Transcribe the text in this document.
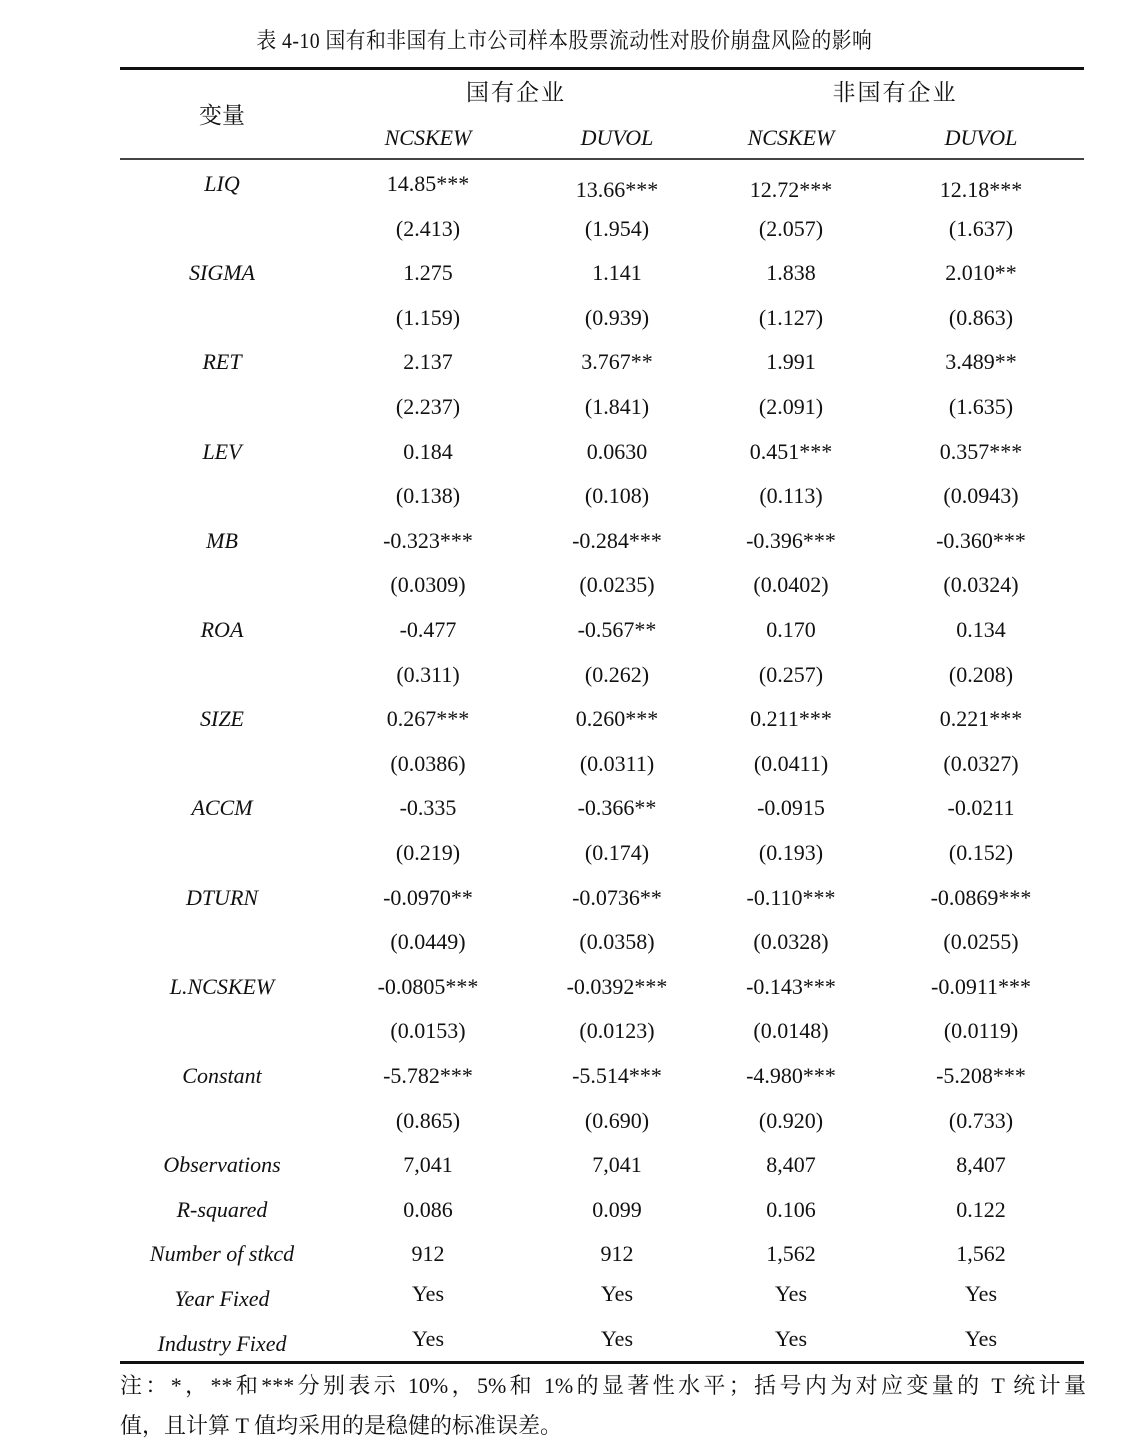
表 4-10 国有和非国有上市公司样本股票流动性对股价崩盘风险的影响
变量
国有企业	非国有企业
NCSKEW	DUVOL	NCSKEW	DUVOL
LIQ	14.85***	13.66***	12.72***	12.18***
(2.413)	(1.954)	(2.057)	(1.637)
SIGMA	1.275	1.141	1.838	2.010**
(1.159)	(0.939)	(1.127)	(0.863)
RET	2.137	3.767**	1.991	3.489**
(2.237)	(1.841)	(2.091)	(1.635)
LEV	0.184	0.0630	0.451***	0.357***
(0.138)	(0.108)	(0.113)	(0.0943)
MB	-0.323***	-0.284***	-0.396***	-0.360***
(0.0309)	(0.0235)	(0.0402)	(0.0324)
ROA	-0.477	-0.567**	0.170	0.134
(0.311)	(0.262)	(0.257)	(0.208)
SIZE	0.267***	0.260***	0.211***	0.221***
(0.0386)	(0.0311)	(0.0411)	(0.0327)
ACCM	-0.335	-0.366**	-0.0915	-0.0211
(0.219)	(0.174)	(0.193)	(0.152)
DTURN	-0.0970**	-0.0736**	-0.110***	-0.0869***
(0.0449)	(0.0358)	(0.0328)	(0.0255)
L.NCSKEW	-0.0805***	-0.0392***	-0.143***	-0.0911***
(0.0153)	(0.0123)	(0.0148)	(0.0119)
Constant	-5.782***	-5.514***	-4.980***	-5.208***
(0.865)	(0.690)	(0.920)	(0.733)
Observations	7,041	7,041	8,407	8,407
R-squared	0.086	0.099	0.106	0.122
Number of stkcd	912	912	1,562	1,562
Year Fixed	Yes	Yes	Yes	Yes
Industry Fixed	Yes	Yes	Yes	Yes
注：*，**和***分别表示 10%，5%和 1%的显著性水平；括号内为对应变量的 T 统计量
值，且计算 T 值均采用的是稳健的标准误差。
